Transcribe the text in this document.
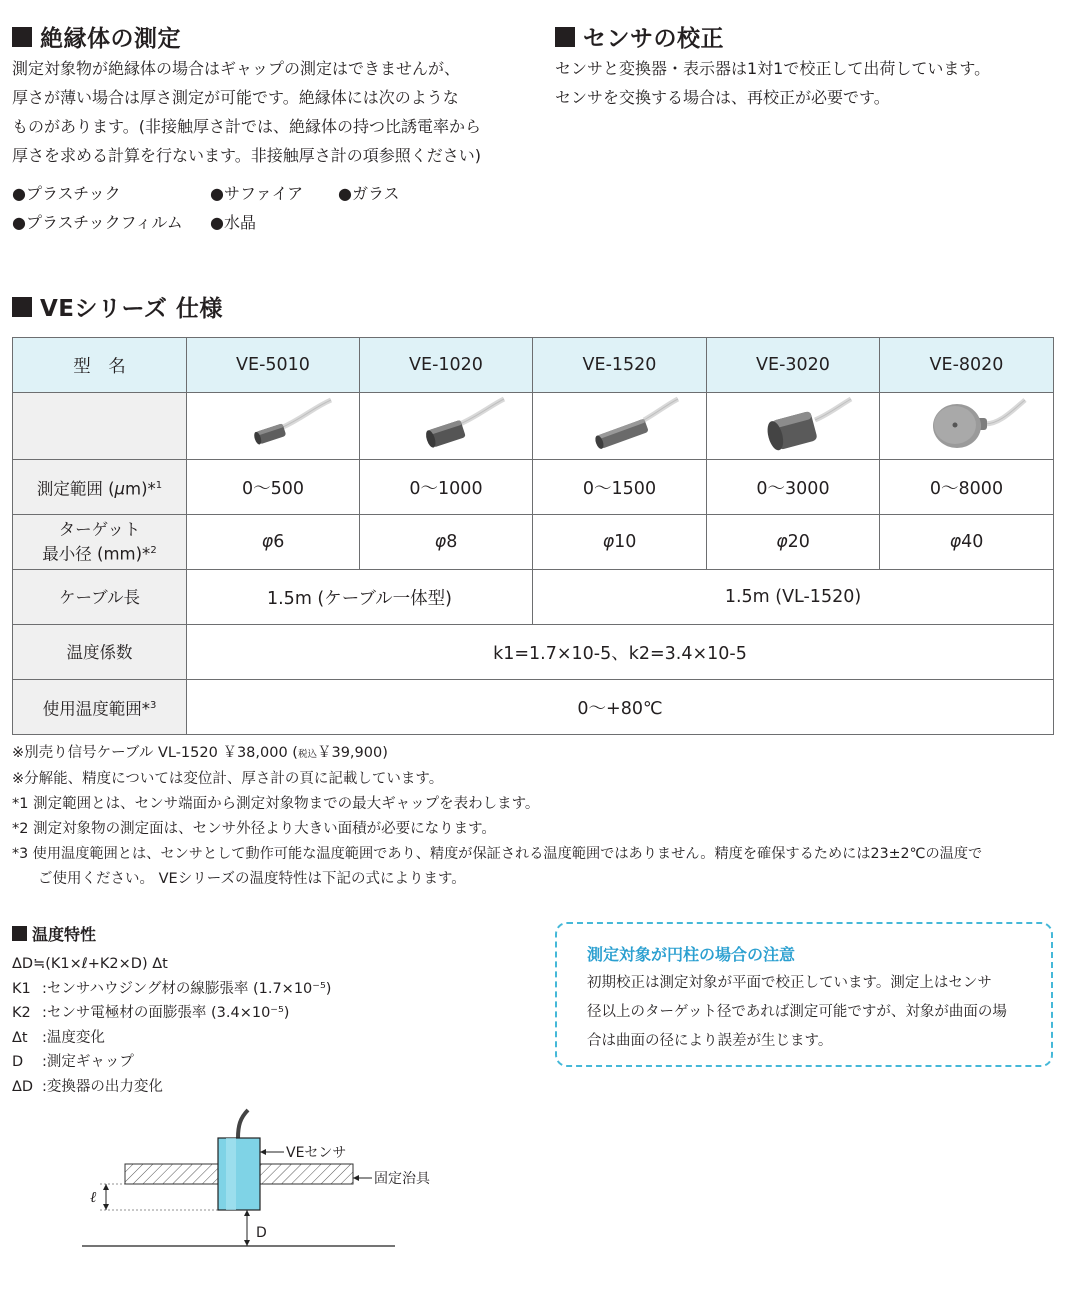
絶縁体の測定
測定対象物が絶縁体の場合はギャップの測定はできませんが、
厚さが薄い場合は厚さ測定が可能です。絶縁体には次のような
ものがあります。(非接触厚さ計では、絶縁体の持つ比誘電率から
厚さを求める計算を行ないます。非接触厚さ計の項参照ください)
●プラスチック	●サファイア ●ガラス
●プラスチックフィルム ●水晶
センサの校正
センサと変換器・表示器は1対1で校正して出荷しています。
センサを交換する場合は、再校正が必要です。
VEシリーズ 仕様
型　名	VE-5010	VE-1020	VE-1520	VE-3020	VE-8020

測定範囲 (μm)*$^1$	0～500	0～1000	0～1500	0～3000	0～8000

ターゲット
最小径 (mm)*$^2$	φ6	φ8	φ10	φ20	φ40
ケーブル長	1.5m (ケーブル一体型)		1.5m (VL-1520)		
温度係数	k1=1.7×10-5、k2=3.4×10-5				
使用温度範囲*$^3$	0～+80℃				
※別売り信号ケーブル VL-1520 ￥38,000 (税込￥39,900)
※分解能、精度については変位計、厚さ計の頁に記載しています。
*1 測定範囲とは、センサ端面から測定対象物までの最大ギャップを表わします。
*2 測定対象物の測定面は、センサ外径より大きい面積が必要になります。
*3 使用温度範囲とは、センサとして動作可能な温度範囲であり、精度が保証される温度範囲ではありません。精度を確保するためには23±2℃の温度で
ご使用ください。 VEシリーズの温度特性は下記の式によります。
温度特性
ΔD≒(K1×ℓ+K2×D) Δt
K1 :センサハウジング材の線膨張率 (1.7×10⁻⁵)
K2 :センサ電極材の面膨張率 (3.4×10⁻⁵)
Δt :温度変化
D :測定ギャップ
ΔD :変換器の出力変化
VEセンサ
固定治具
ℓ
D
測定対象が円柱の場合の注意
初期校正は測定対象が平面で校正しています。測定上はセンサ
径以上のターゲット径であれば測定可能ですが、対象が曲面の場
合は曲面の径により誤差が生じます。
